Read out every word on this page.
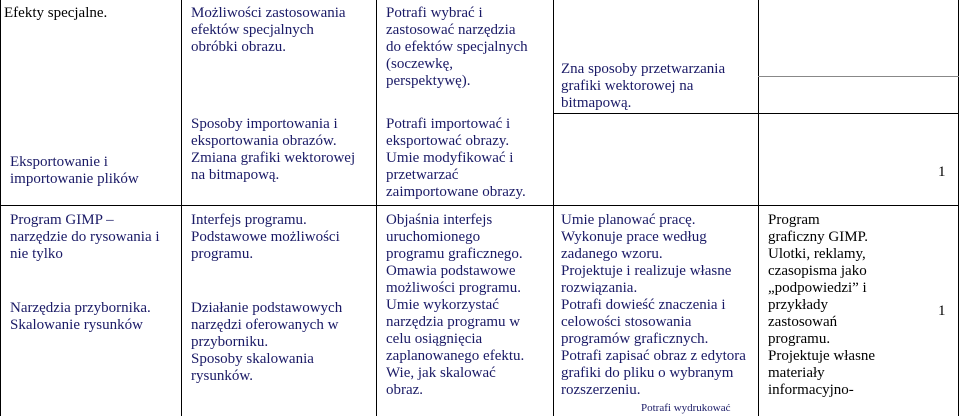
Efekty specjalne.	Możliwości zastosowania
efektów specjalnych
obróbki obrazu.
Potrafi wybrać i
zastosować narzędzia
do efektów specjalnych
(soczewkę,
perspektywę).
Zna sposoby przetwarzania
grafiki wektorowej na
bitmapową.
Eksportowanie i
importowanie plików
Sposoby importowania i
eksportowania obrazów.
Zmiana grafiki wektorowej
na bitmapową.
Potrafi importować i
eksportować obrazy.
Umie modyfikować i
przetwarzać
zaimportowane obrazy.
1
Program GIMP –
narzędzie do rysowania i
nie tylko
Narzędzia przybornika.
Skalowanie rysunków
Interfejs programu.
Podstawowe możliwości
programu.
Działanie podstawowych
narzędzi oferowanych w
przyborniku.
Sposoby skalowania
rysunków.
Objaśnia interfejs
uruchomionego
programu graficznego.
Omawia podstawowe
możliwości programu.
Umie wykorzystać
narzędzia programu w
celu osiągnięcia
zaplanowanego efektu.
Wie, jak skalować
obraz.
Umie planować pracę.
Wykonuje prace według
zadanego wzoru.
Projektuje i realizuje własne
rozwiązania.
Potrafi dowieść znaczenia i
celowości stosowania
programów graficznych.
Potrafi zapisać obraz z edytora
grafiki do pliku o wybranym
rozszerzeniu.
Potrafi wydrukować
Program
graficzny GIMP.
Ulotki, reklamy,
czasopisma jako
„podpowiedzi” i
przykłady
zastosowań
programu.
Projektuje własne
materiały
informacyjno-
1
